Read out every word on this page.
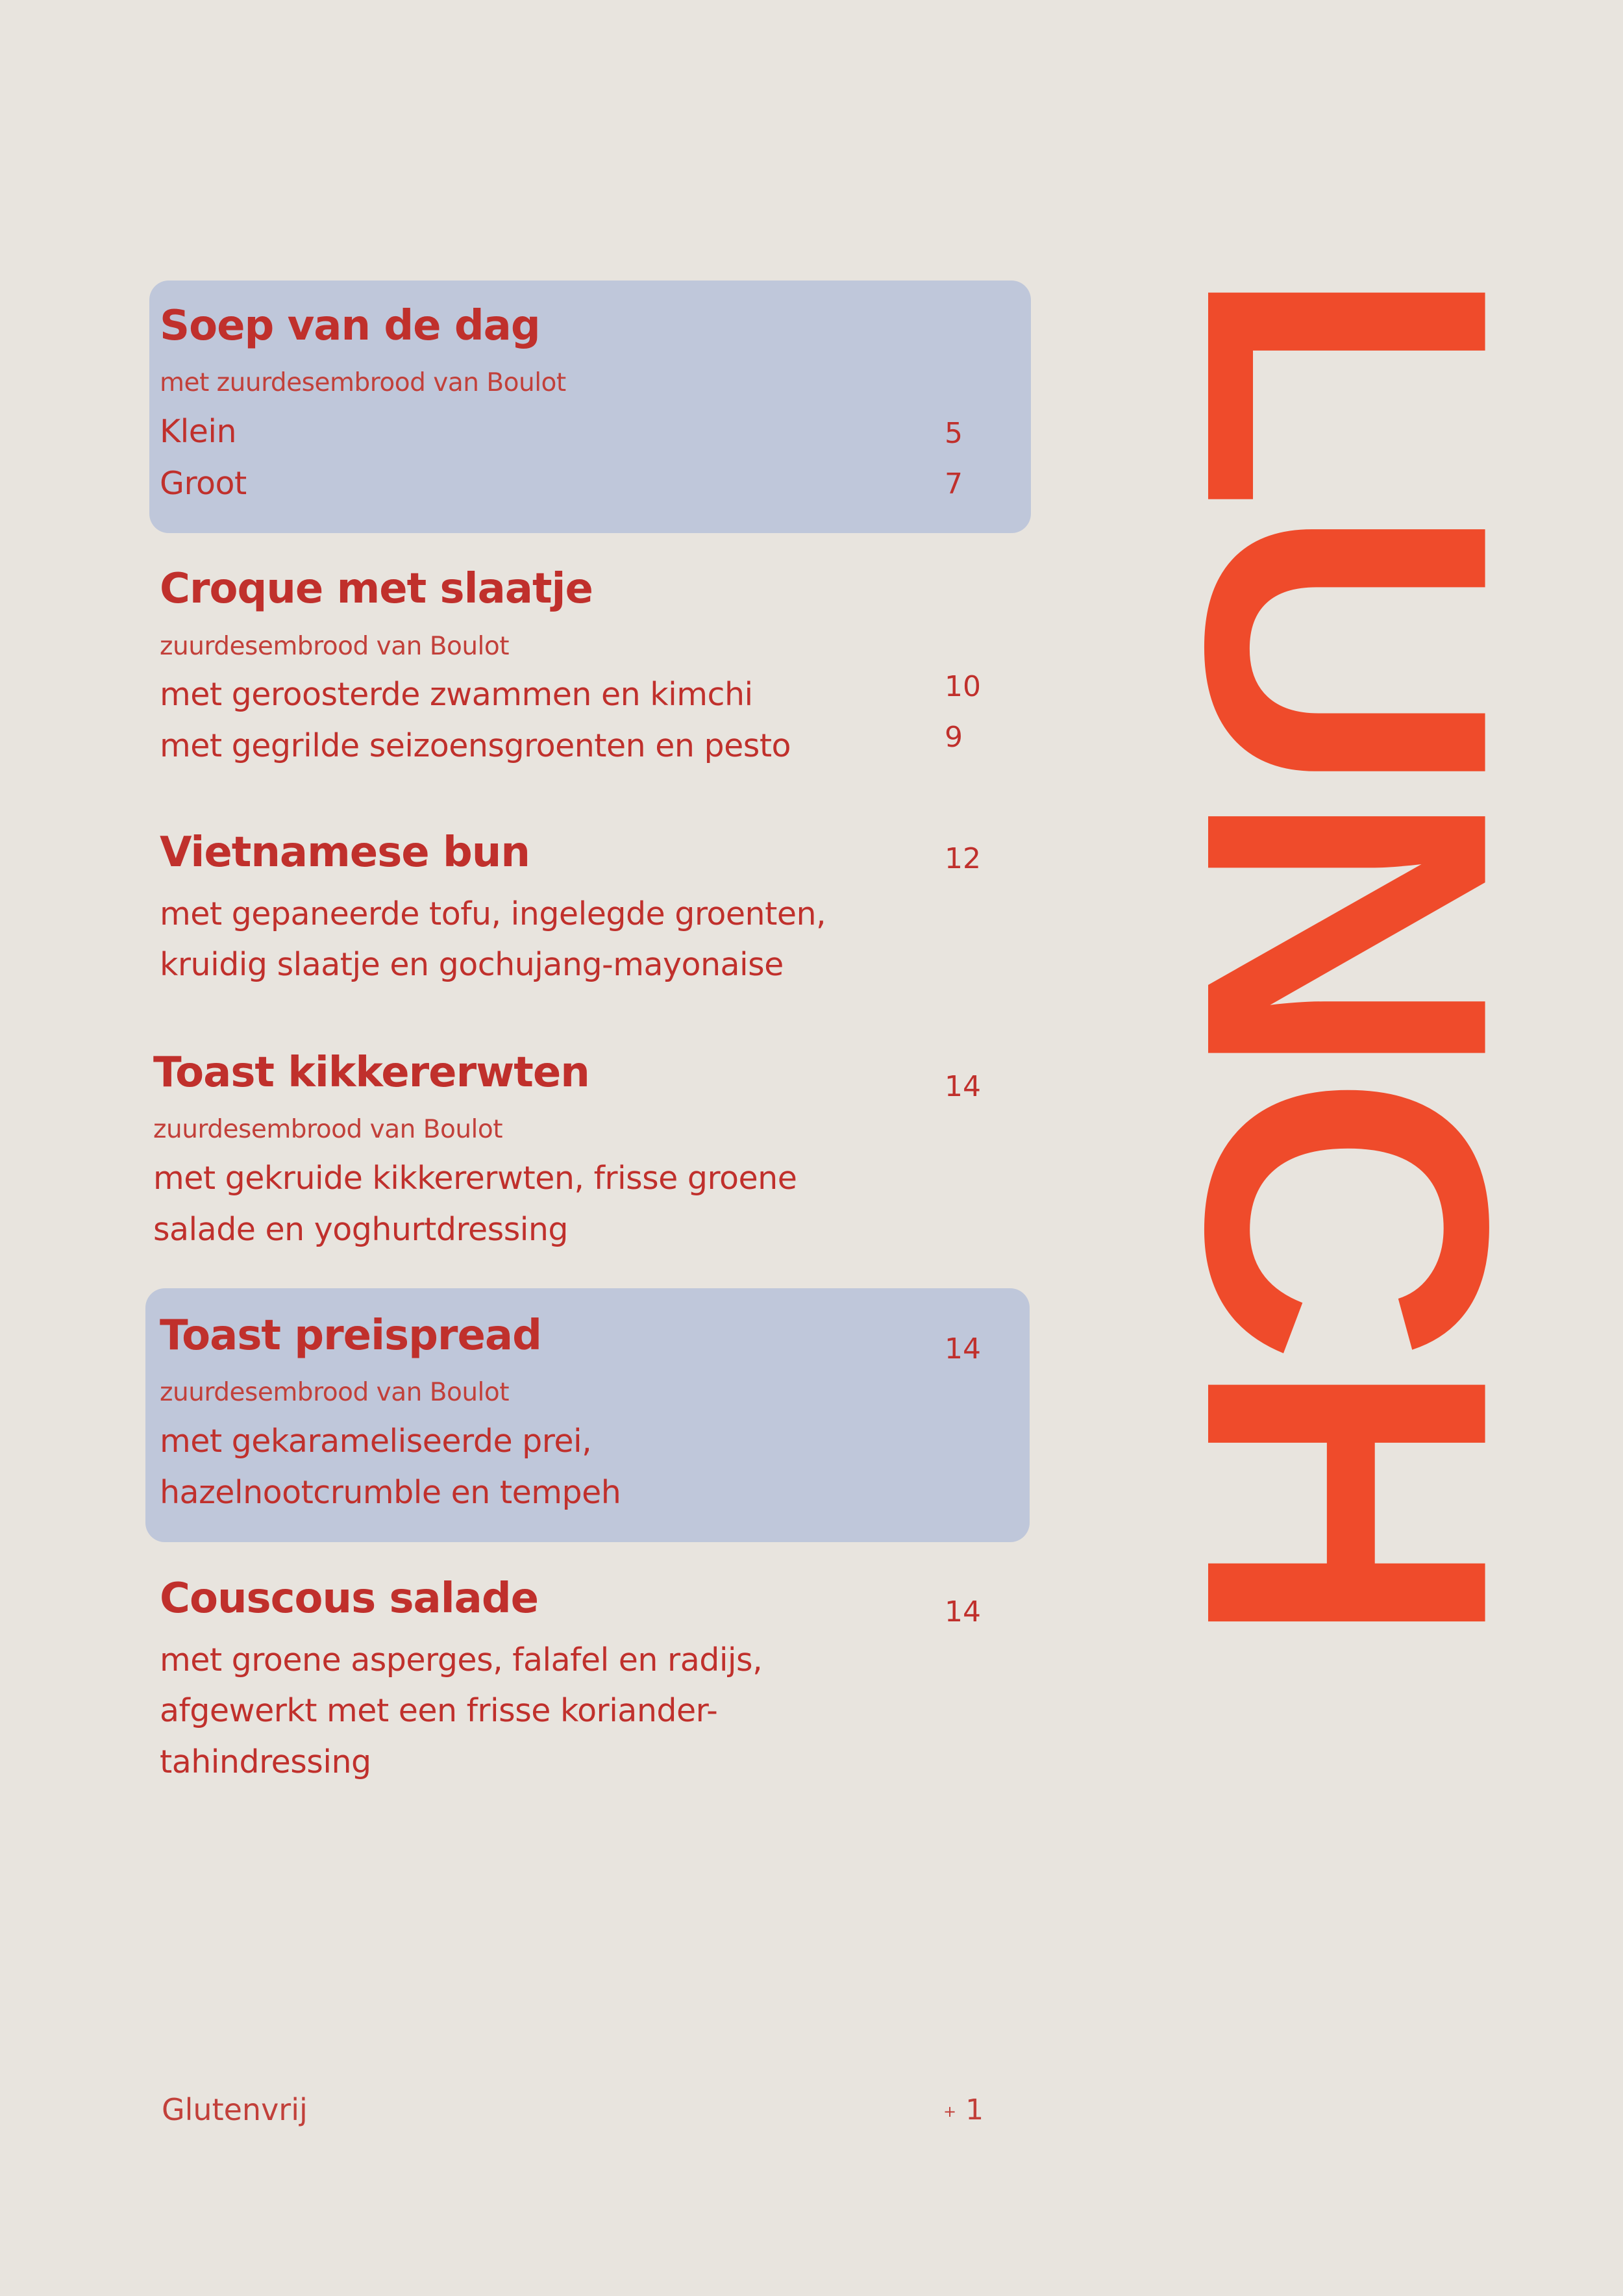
Soep van de dag
met zuurdesembrood van Boulot
Klein
Groot
5
7
Croque met slaatje
zuurdesembrood van Boulot
met geroosterde zwammen en kimchi
met gegrilde seizoensgroenten en pesto
10
9
Vietnamese bun
met gepaneerde tofu, ingelegde groenten,
kruidig slaatje en gochujang-mayonaise
12
Toast kikkererwten
zuurdesembrood van Boulot
met gekruide kikkererwten, frisse groene
salade en yoghurtdressing
14
Toast preispread
zuurdesembrood van Boulot
met gekarameliseerde prei,
hazelnootcrumble en tempeh
14
Couscous salade
met groene asperges, falafel en radijs,
afgewerkt met een frisse koriander-
tahindressing
14 LUNCH
Glutenvrij	+ 1
